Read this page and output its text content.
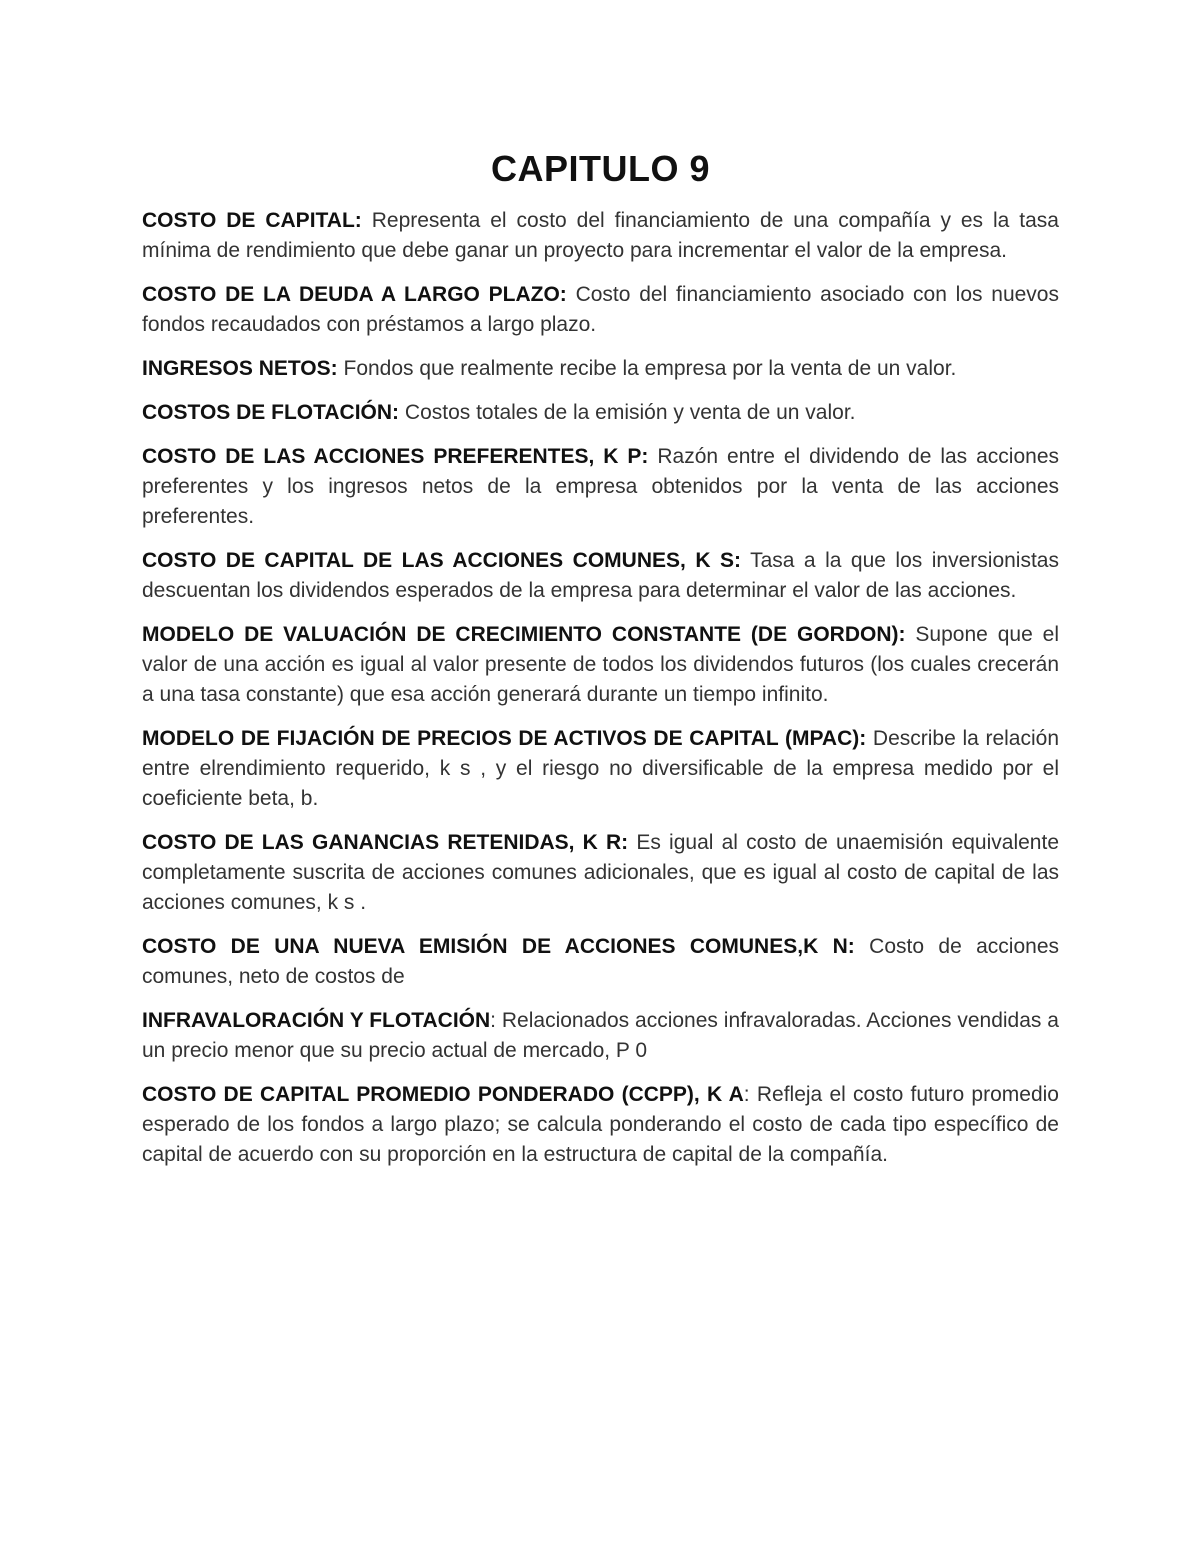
CAPITULO 9

COSTO DE CAPITAL: Representa el costo del financiamiento de una compañía y es la tasa mínima de rendimiento que debe ganar un proyecto para incrementar el valor de la empresa.

COSTO DE LA DEUDA A LARGO PLAZO: Costo del financiamiento asociado con los nuevos fondos recaudados con préstamos a largo plazo.

INGRESOS NETOS: Fondos que realmente recibe la empresa por la venta de un valor.

COSTOS DE FLOTACIÓN: Costos totales de la emisión y venta de un valor.

COSTO DE LAS ACCIONES PREFERENTES, K P: Razón entre el dividendo de las acciones preferentes y los ingresos netos de la empresa obtenidos por la venta de las acciones preferentes.

COSTO DE CAPITAL DE LAS ACCIONES COMUNES, K S: Tasa a la que los inversionistas descuentan los dividendos esperados de la empresa para determinar el valor de las acciones.

MODELO DE VALUACIÓN DE CRECIMIENTO CONSTANTE (DE GORDON): Supone que el valor de una acción es igual al valor presente de todos los dividendos futuros (los cuales crecerán a una tasa constante) que esa acción generará durante un tiempo infinito.

MODELO DE FIJACIÓN DE PRECIOS DE ACTIVOS DE CAPITAL (MPAC): Describe la relación entre elrendimiento requerido, k s , y el riesgo no diversificable de la empresa medido por el coeficiente beta, b.

COSTO DE LAS GANANCIAS RETENIDAS, K R: Es igual al costo de unaemisión equivalente completamente suscrita de acciones comunes adicionales, que es igual al costo de capital de las acciones comunes, k s .

COSTO DE UNA NUEVA EMISIÓN DE ACCIONES COMUNES,K N: Costo de acciones comunes, neto de costos de

INFRAVALORACIÓN Y FLOTACIÓN: Relacionados acciones infravaloradas. Acciones vendidas a un precio menor que su precio actual de mercado, P 0

COSTO DE CAPITAL PROMEDIO PONDERADO (CCPP), K A: Refleja el costo futuro promedio esperado de los fondos a largo plazo; se calcula ponderando el costo de cada tipo específico de capital de acuerdo con su proporción en la estructura de capital de la compañía.
